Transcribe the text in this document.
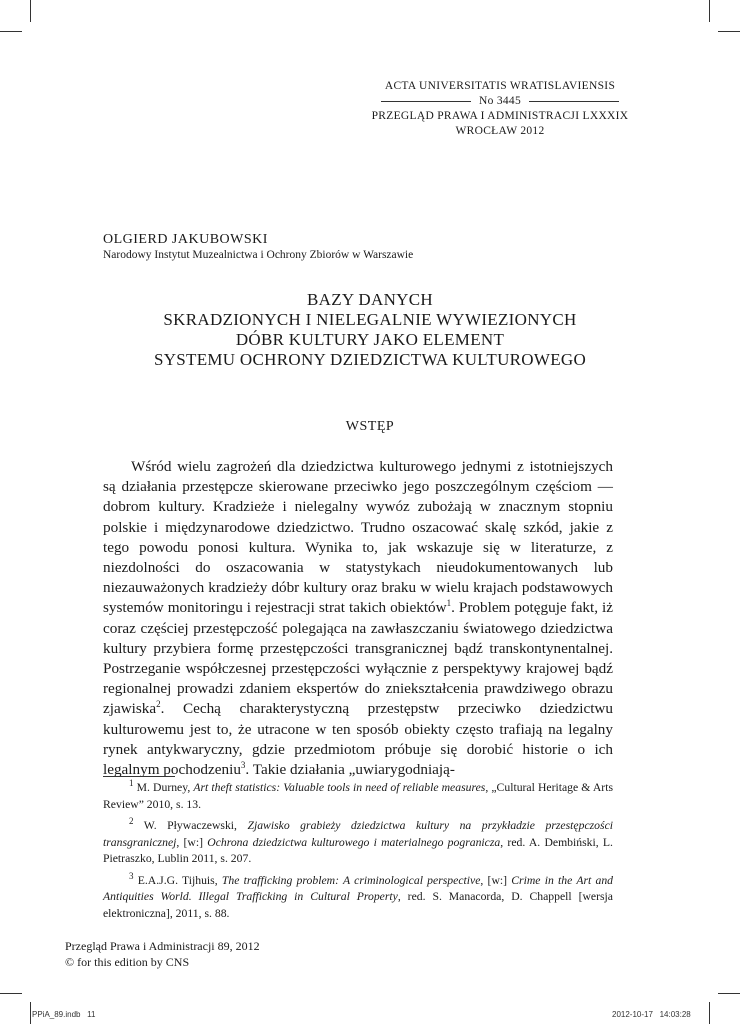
ACTA UNIVERSITATIS WRATISLAVIENSIS
No 3445
PRZEGLĄD PRAWA I ADMINISTRACJI LXXXIX
WROCŁAW 2012
OLGIERD JAKUBOWSKI
Narodowy Instytut Muzealnictwa i Ochrony Zbiorów w Warszawie
BAZY DANYCH
SKRADZIONYCH I NIELEGALNIE WYWIEZIONYCH
DÓBR KULTURY JAKO ELEMENT
SYSTEMU OCHRONY DZIEDZICTWA KULTUROWEGO
WSTĘP

Wśród wielu zagrożeń dla dziedzictwa kulturowego jednymi z istotniejszych są działania przestępcze skierowane przeciwko jego poszczególnym częściom — dobrom kultury. Kradzieże i nielegalny wywóz zubożają w znacznym stopniu polskie i międzynarodowe dziedzictwo. Trudno oszacować skalę szkód, jakie z tego powodu ponosi kultura. Wynika to, jak wskazuje się w literaturze, z niezdolności do oszacowania w statystykach nieudokumentowanych lub niezauważonych kradzieży dóbr kultury oraz braku w wielu krajach podstawowych systemów monitoringu i rejestracji strat takich obiektów$^1$. Problem potęguje fakt, iż coraz częściej przestępczość polegająca na zawłaszczaniu światowego dziedzictwa kultury przybiera formę przestępczości transgranicznej bądź transkontynentalnej. Postrzeganie współczesnej przestępczości wyłącznie z perspektywy krajowej bądź regionalnej prowadzi zdaniem ekspertów do zniekształcenia prawdziwego obrazu zjawiska$^2$. Cechą charakterystyczną przestępstw przeciwko dziedzictwu kulturowemu jest to, że utracone w ten sposób obiekty często trafiają na legalny rynek antykwaryczny, gdzie przedmiotom próbuje się dorobić historie o ich legalnym pochodzeniu$^3$. Takie działania „uwiarygodniają-

$^1$ M. Durney, Art theft statistics: Valuable tools in need of reliable measures, „Cultural Heritage & Arts Review” 2010, s. 13.

$^2$ W. Pływaczewski, Zjawisko grabieży dziedzictwa kultury na przykładzie przestępczości transgranicznej, [w:] Ochrona dziedzictwa kulturowego i materialnego pogranicza, red. A. Dembiński, L. Pietraszko, Lublin 2011, s. 207.

$^3$ E.A.J.G. Tijhuis, The trafficking problem: A criminological perspective, [w:] Crime in the Art and Antiquities World. Illegal Trafficking in Cultural Property, red. S. Manacorda, D. Chappell [wersja elektroniczna], 2011, s. 88.

Przegląd Prawa i Administracji 89, 2012
© for this edition by CNS
PPiA_89.indb   11	2012-10-17   14:03:28
